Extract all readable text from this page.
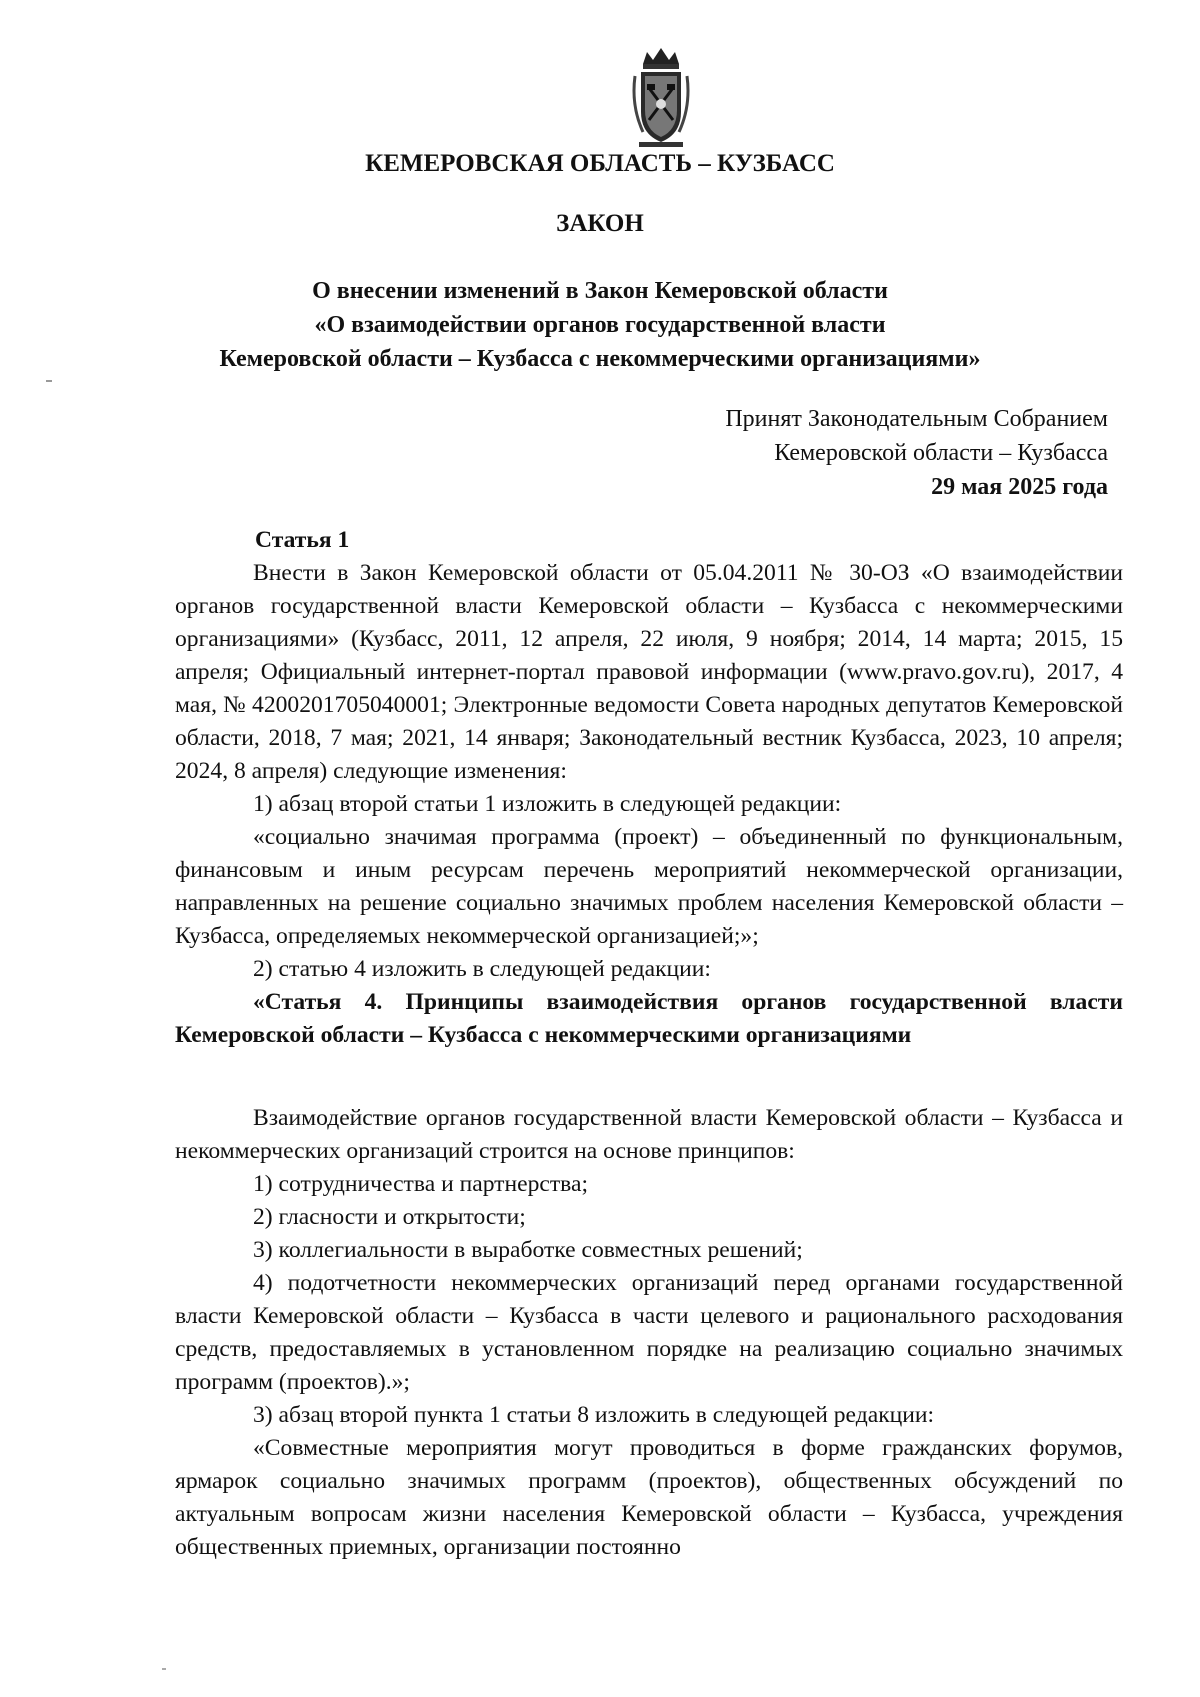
КЕМЕРОВСКАЯ ОБЛАСТЬ – КУЗБАСС
ЗАКОН
О внесении изменений в Закон Кемеровской области
«О взаимодействии органов государственной власти
Кемеровской области – Кузбасса с некоммерческими организациями»
Принят Законодательным Собранием
Кемеровской области – Кузбасса
29 мая 2025 года

Статья 1

Внести в Закон Кемеровской области от 05.04.2011 № 30-ОЗ «О взаимодействии органов государственной власти Кемеровской области – Кузбасса с некоммерческими организациями» (Кузбасс, 2011, 12 апреля, 22 июля, 9 ноября; 2014, 14 марта; 2015, 15 апреля; Официальный интернет-портал правовой информации (www.pravo.gov.ru), 2017, 4 мая, № 4200201705040001; Электронные ведомости Совета народных депутатов Кемеровской области, 2018, 7 мая; 2021, 14 января; Законодательный вестник Кузбасса, 2023, 10 апреля; 2024, 8 апреля) следующие изменения:

1) абзац второй статьи 1 изложить в следующей редакции:

«социально значимая программа (проект) – объединенный по функциональным, финансовым и иным ресурсам перечень мероприятий некоммерческой организации, направленных на решение социально значимых проблем населения Кемеровской области – Кузбасса, определяемых некоммерческой организацией;»;

2) статью 4 изложить в следующей редакции:

«Статья 4. Принципы взаимодействия органов государственной власти Кемеровской области – Кузбасса с некоммерческими организациями

Взаимодействие органов государственной власти Кемеровской области – Кузбасса и некоммерческих организаций строится на основе принципов:

1) сотрудничества и партнерства;

2) гласности и открытости;

3) коллегиальности в выработке совместных решений;

4) подотчетности некоммерческих организаций перед органами государственной власти Кемеровской области – Кузбасса в части целевого и рационального расходования средств, предоставляемых в установленном порядке на реализацию социально значимых программ (проектов).»;

3) абзац второй пункта 1 статьи 8 изложить в следующей редакции:

«Совместные мероприятия могут проводиться в форме гражданских форумов, ярмарок социально значимых программ (проектов), общественных обсуждений по актуальным вопросам жизни населения Кемеровской области – Кузбасса, учреждения общественных приемных, организации постоянно
